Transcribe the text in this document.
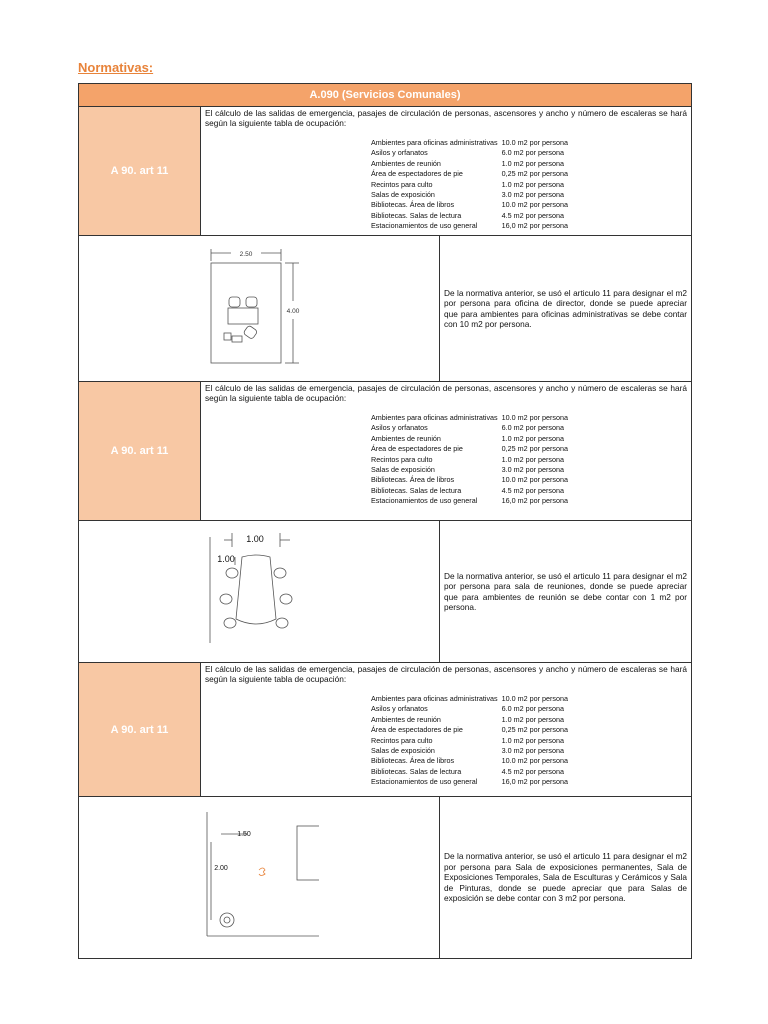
Normativas:
A.090 (Servicios Comunales)
A 90. art 11	
El cálculo de las salidas de emergencia, pasajes de circulación de personas, ascensores y ancho y número de escaleras se hará según la siguiente tabla de ocupación:
Ambientes para oficinas administrativas	10.0 m2 por persona
Asilos y orfanatos	6.0 m2 por persona
Ambientes de reunión	1.0 m2 por persona
Área de espectadores de pie	0,25 m2 por persona
Recintos para culto	1.0 m2 por persona
Salas de exposición	3.0 m2 por persona
Bibliotecas. Área de libros	10.0 m2 por persona
Bibliotecas. Salas de lectura	4.5 m2 por persona
Estacionamientos de uso general	16,0 m2 por persona

2.50
4.00
	De la normativa anterior, se usó el articulo 11 para designar el m2 por persona para oficina de director, donde se puede apreciar que para ambientes para oficinas administrativas se debe contar con 10 m2 por persona.
A 90. art 11	
El cálculo de las salidas de emergencia, pasajes de circulación de personas, ascensores y ancho y número de escaleras se hará según la siguiente tabla de ocupación:
Ambientes para oficinas administrativas	10.0 m2 por persona
Asilos y orfanatos	6.0 m2 por persona
Ambientes de reunión	1.0 m2 por persona
Área de espectadores de pie	0,25 m2 por persona
Recintos para culto	1.0 m2 por persona
Salas de exposición	3.0 m2 por persona
Bibliotecas. Área de libros	10.0 m2 por persona
Bibliotecas. Salas de lectura	4.5 m2 por persona
Estacionamientos de uso general	16,0 m2 por persona

1.00
1.00
	De la normativa anterior, se usó el articulo 11 para designar el m2 por persona para sala de reuniones, donde se puede apreciar que para ambientes de reunión se debe contar con 1 m2 por persona.
A 90. art 11	
El cálculo de las salidas de emergencia, pasajes de circulación de personas, ascensores y ancho y número de escaleras se hará según la siguiente tabla de ocupación:
Ambientes para oficinas administrativas	10.0 m2 por persona
Asilos y orfanatos	6.0 m2 por persona
Ambientes de reunión	1.0 m2 por persona
Área de espectadores de pie	0,25 m2 por persona
Recintos para culto	1.0 m2 por persona
Salas de exposición	3.0 m2 por persona
Bibliotecas. Área de libros	10.0 m2 por persona
Bibliotecas. Salas de lectura	4.5 m2 por persona
Estacionamientos de uso general	16,0 m2 por persona

1.50
2.00
	De la normativa anterior, se usó el articulo 11 para designar el m2 por persona para Sala de exposiciones permanentes, Sala de Exposiciones Temporales, Sala de Esculturas y Cerámicos y Sala de Pinturas, donde se puede apreciar que para Salas de exposición se debe contar con 3 m2 por persona.
